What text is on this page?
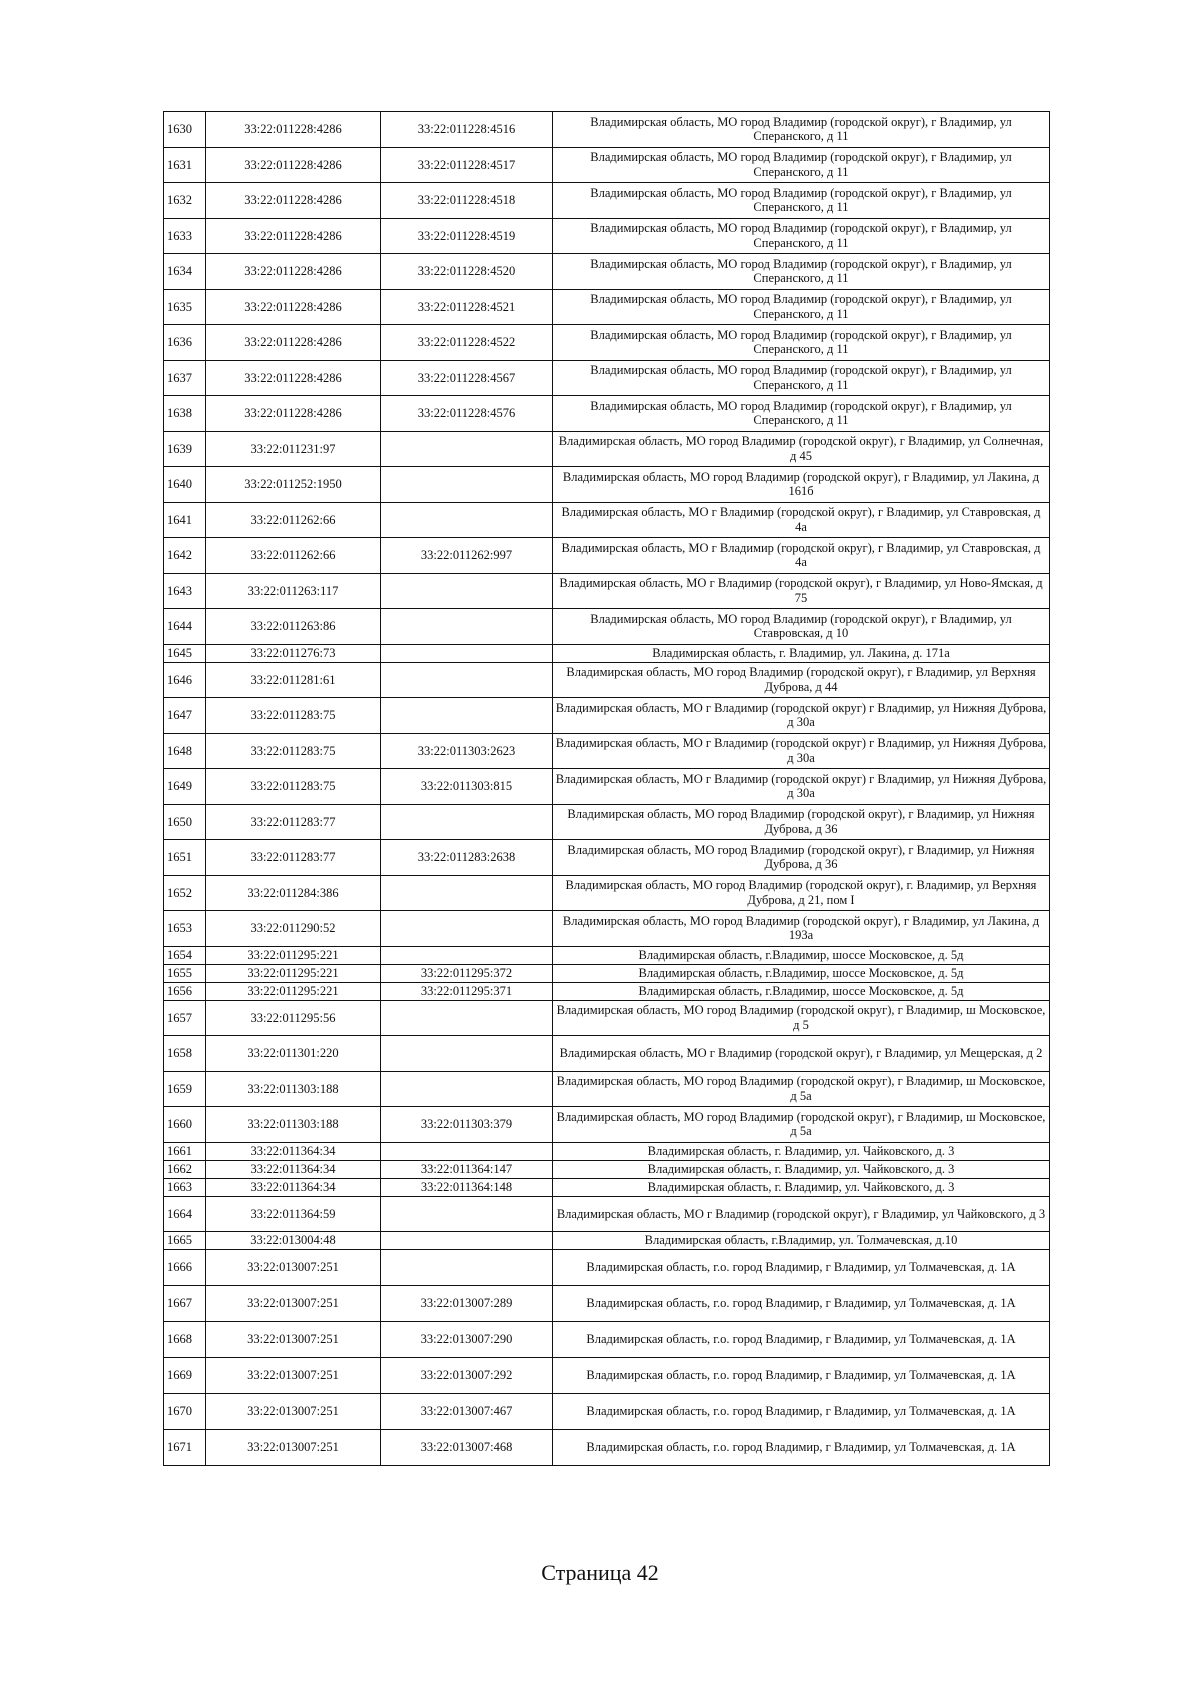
1630	33:22:011228:4286	33:22:011228:4516	Владимирская область, МО город Владимир (городской округ), г Владимир, ул Сперанского, д 11
1631	33:22:011228:4286	33:22:011228:4517	Владимирская область, МО город Владимир (городской округ), г Владимир, ул Сперанского, д 11
1632	33:22:011228:4286	33:22:011228:4518	Владимирская область, МО город Владимир (городской округ), г Владимир, ул Сперанского, д 11
1633	33:22:011228:4286	33:22:011228:4519	Владимирская область, МО город Владимир (городской округ), г Владимир, ул Сперанского, д 11
1634	33:22:011228:4286	33:22:011228:4520	Владимирская область, МО город Владимир (городской округ), г Владимир, ул Сперанского, д 11
1635	33:22:011228:4286	33:22:011228:4521	Владимирская область, МО город Владимир (городской округ), г Владимир, ул Сперанского, д 11
1636	33:22:011228:4286	33:22:011228:4522	Владимирская область, МО город Владимир (городской округ), г Владимир, ул Сперанского, д 11
1637	33:22:011228:4286	33:22:011228:4567	Владимирская область, МО город Владимир (городской округ), г Владимир, ул Сперанского, д 11
1638	33:22:011228:4286	33:22:011228:4576	Владимирская область, МО город Владимир (городской округ), г Владимир, ул Сперанского, д 11
1639	33:22:011231:97		Владимирская область, МО город Владимир (городской округ), г Владимир, ул Солнечная, д 45
1640	33:22:011252:1950		Владимирская область, МО город Владимир (городской округ), г Владимир, ул Лакина, д 161б
1641	33:22:011262:66		Владимирская область, МО г Владимир (городской округ), г Владимир, ул Ставровская, д 4а
1642	33:22:011262:66	33:22:011262:997	Владимирская область, МО г Владимир (городской округ), г Владимир, ул Ставровская, д 4а
1643	33:22:011263:117		Владимирская область, МО г Владимир (городской округ), г Владимир, ул Ново-Ямская, д 75
1644	33:22:011263:86		Владимирская область, МО город Владимир (городской округ), г Владимир, ул Ставровская, д 10
1645	33:22:011276:73		Владимирская область, г. Владимир, ул. Лакина, д. 171а
1646	33:22:011281:61		Владимирская область, МО город Владимир (городской округ), г Владимир, ул Верхняя Дуброва, д 44
1647	33:22:011283:75		Владимирская область, МО г Владимир (городской округ) г Владимир, ул Нижняя Дуброва, д 30а
1648	33:22:011283:75	33:22:011303:2623	Владимирская область, МО г Владимир (городской округ) г Владимир, ул Нижняя Дуброва, д 30а
1649	33:22:011283:75	33:22:011303:815	Владимирская область, МО г Владимир (городской округ) г Владимир, ул Нижняя Дуброва, д 30а
1650	33:22:011283:77		Владимирская область, МО город Владимир (городской округ), г Владимир, ул Нижняя Дуброва, д 36
1651	33:22:011283:77	33:22:011283:2638	Владимирская область, МО город Владимир (городской округ), г Владимир, ул Нижняя Дуброва, д 36
1652	33:22:011284:386		Владимирская область, МО город Владимир (городской округ), г. Владимир, ул Верхняя Дуброва, д 21, пом I
1653	33:22:011290:52		Владимирская область, МО город Владимир (городской округ), г Владимир, ул Лакина, д 193а
1654	33:22:011295:221		Владимирская область, г.Владимир, шоссе Московское, д. 5д
1655	33:22:011295:221	33:22:011295:372	Владимирская область, г.Владимир, шоссе Московское, д. 5д
1656	33:22:011295:221	33:22:011295:371	Владимирская область, г.Владимир, шоссе Московское, д. 5д
1657	33:22:011295:56		Владимирская область, МО город Владимир (городской округ), г Владимир, ш Московское, д 5
1658	33:22:011301:220		Владимирская область, МО г Владимир (городской округ), г Владимир, ул Мещерская, д 2
1659	33:22:011303:188		Владимирская область, МО город Владимир (городской округ), г Владимир, ш Московское, д 5а
1660	33:22:011303:188	33:22:011303:379	Владимирская область, МО город Владимир (городской округ), г Владимир, ш Московское, д 5а
1661	33:22:011364:34		Владимирская область, г. Владимир, ул. Чайковского, д. 3
1662	33:22:011364:34	33:22:011364:147	Владимирская область, г. Владимир, ул. Чайковского, д. 3
1663	33:22:011364:34	33:22:011364:148	Владимирская область, г. Владимир, ул. Чайковского, д. 3
1664	33:22:011364:59		Владимирская область, МО г Владимир (городской округ), г Владимир, ул Чайковского, д 3
1665	33:22:013004:48		Владимирская область, г.Владимир, ул. Толмачевская, д.10
1666	33:22:013007:251		Владимирская область, г.о. город Владимир, г Владимир, ул Толмачевская, д. 1А
1667	33:22:013007:251	33:22:013007:289	Владимирская область, г.о. город Владимир, г Владимир, ул Толмачевская, д. 1А
1668	33:22:013007:251	33:22:013007:290	Владимирская область, г.о. город Владимир, г Владимир, ул Толмачевская, д. 1А
1669	33:22:013007:251	33:22:013007:292	Владимирская область, г.о. город Владимир, г Владимир, ул Толмачевская, д. 1А
1670	33:22:013007:251	33:22:013007:467	Владимирская область, г.о. город Владимир, г Владимир, ул Толмачевская, д. 1А
1671	33:22:013007:251	33:22:013007:468	Владимирская область, г.о. город Владимир, г Владимир, ул Толмачевская, д. 1А
Страница 42
